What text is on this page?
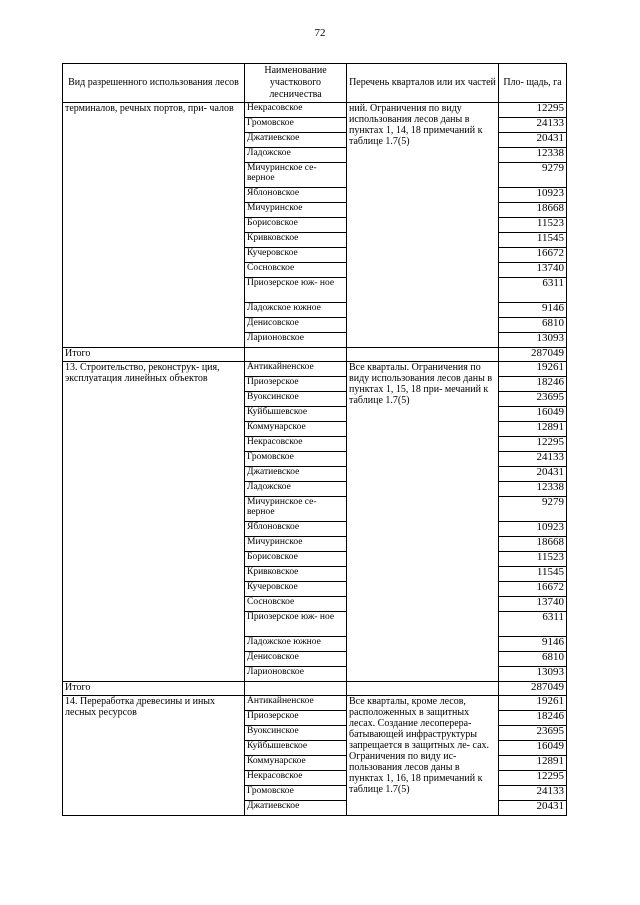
72
Вид разрешенного использования лесов	Наименование участкового лесничества	Перечень кварталов или их частей	Пло- щадь, га
терминалов, речных портов, при- чалов	Некрасовское	ний. Ограничения по виду использования лесов даны в пунктах 1, 14, 18 примечаний к таблице 1.7(5)	12295
	Громовское		24133
	Джатиевское		20431
	Ладожское		12338
	Мичуринское се- верное		9279
	Яблоновское		10923
	Мичуринское		18668
	Борисовское		11523
	Кривковское		11545
	Кучеровское		16672
	Сосновское		13740
	Приозерское юж- ное		6311
	Ладожское южное		9146
	Денисовское		6810
	Ларионовское		13093
Итого			287049
13. Строительство, реконструк- ция, эксплуатация линейных объектов	Антикайненское	Все кварталы. Ограничения по виду использования лесов даны в пунктах 1, 15, 18 при- мечаний к таблице 1.7(5)	19261
	Приозерское		18246
	Вуоксинское		23695
	Куйбышевское		16049
	Коммунарское		12891
	Некрасовское		12295
	Громовское		24133
	Джатиевское		20431
	Ладожское		12338
	Мичуринское се- верное		9279
	Яблоновское		10923
	Мичуринское		18668
	Борисовское		11523
	Кривковское		11545
	Кучеровское		16672
	Сосновское		13740
	Приозерское юж- ное		6311
	Ладожское южное		9146
	Денисовское		6810
	Ларионовское		13093
Итого			287049
14. Переработка древесины и иных лесных ресурсов	Антикайненское	Все кварталы, кроме лесов, расположенных в защитных лесах. Создание лесоперера- батывающей инфраструктуры запрещается в защитных ле- сах. Ограничения по виду ис- пользования лесов даны в пунктах 1, 16, 18 примечаний к таблице 1.7(5)	19261
	Приозерское		18246
	Вуоксинское		23695
	Куйбышевское		16049
	Коммунарское		12891
	Некрасовское		12295
	Громовское		24133
	Джатиевское		20431
